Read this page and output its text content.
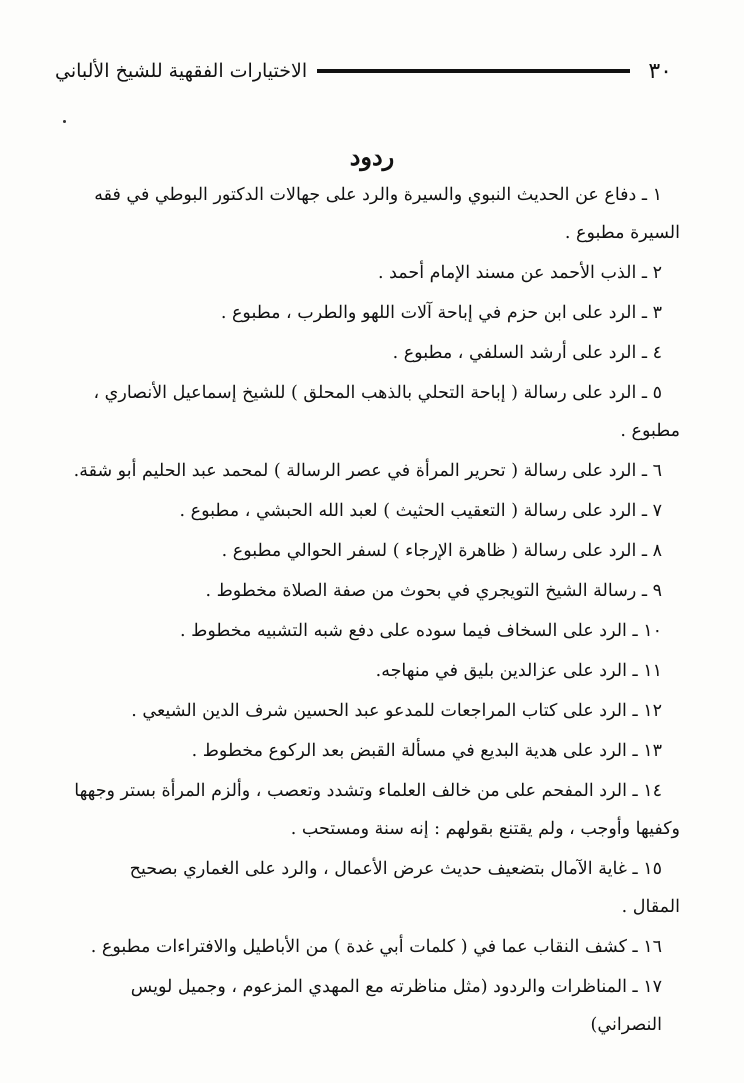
الاختيارات الفقهية للشيخ الألباني	٣٠
ردود
١ ـ دفاع عن الحديث النبوي والسيرة والرد على جهالات الدكتور البوطي في فقه
السيرة مطبوع .
٢ ـ الذب الأحمد عن مسند الإمام أحمد .
٣ ـ الرد على ابن حزم في إباحة آلات اللهو والطرب ، مطبوع .
٤ ـ الرد على أرشد السلفي ، مطبوع .
٥ ـ الرد على رسالة ( إباحة التحلي بالذهب المحلق ) للشيخ إسماعيل الأنصاري ،
مطبوع .
٦ ـ الرد على رسالة ( تحرير المرأة في عصر الرسالة ) لمحمد عبد الحليم أبو شقة.
٧ ـ الرد على رسالة ( التعقيب الحثيث ) لعبد الله الحبشي ، مطبوع .
٨ ـ الرد على رسالة ( ظاهرة الإرجاء ) لسفر الحوالي مطبوع .
٩ ـ رسالة الشيخ التويجري في بحوث من صفة الصلاة مخطوط .
١٠ ـ الرد على السخاف فيما سوده على دفع شبه التشبيه مخطوط .
١١ ـ الرد على عزالدين بليق في منهاجه.
١٢ ـ الرد على كتاب المراجعات للمدعو عبد الحسين شرف الدين الشيعي .
١٣ ـ الرد على هدية البديع في مسألة القبض بعد الركوع مخطوط .
١٤ ـ الرد المفحم على من خالف العلماء وتشدد وتعصب ، وألزم المرأة بستر وجهها
وكفيها وأوجب ، ولم يقتنع بقولهم : إنه سنة ومستحب .
١٥ ـ غاية الآمال بتضعيف حديث عرض الأعمال ، والرد على الغماري بصحيح
المقال .
١٦ ـ كشف النقاب عما في ( كلمات أبي غدة ) من الأباطيل والافتراءات مطبوع .
١٧ ـ المناظرات والردود (مثل مناظرته مع المهدي المزعوم ، وجميل لويس النصراني)
